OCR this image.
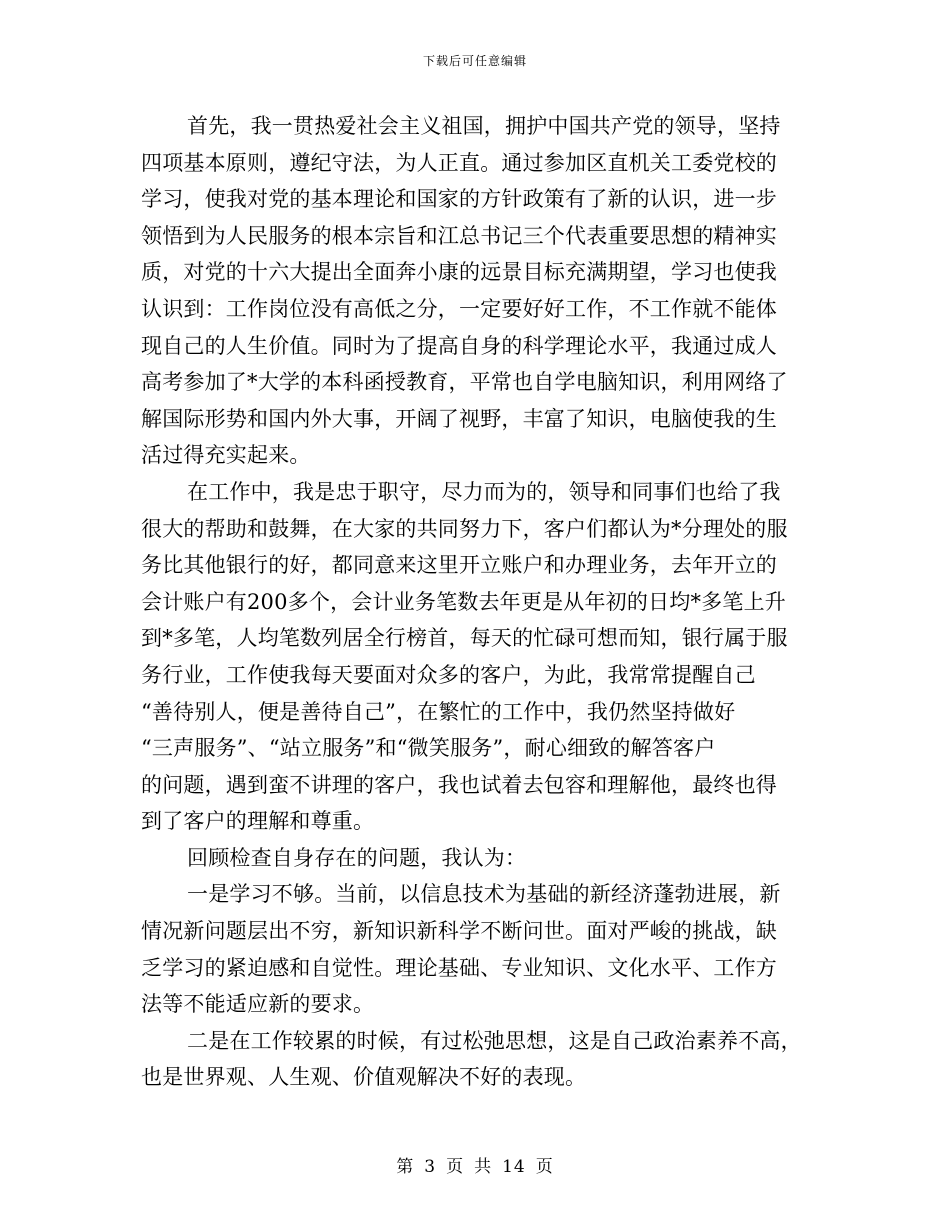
下载后可任意编辑
首先，我一贯热爱社会主义祖国，拥护中国共产党的领导，坚持
四项基本原则，遵纪守法，为人正直。通过参加区直机关工委党校的
学习，使我对党的基本理论和国家的方针政策有了新的认识，进一步
领悟到为人民服务的根本宗旨和江总书记三个代表重要思想的精神实
质，对党的十六大提出全面奔小康的远景目标充满期望，学习也使我
认识到：工作岗位没有高低之分，一定要好好工作，不工作就不能体
现自己的人生价值。同时为了提高自身的科学理论水平，我通过成人
高考参加了*大学的本科函授教育，平常也自学电脑知识，利用网络了
解国际形势和国内外大事，开阔了视野，丰富了知识，电脑使我的生
活过得充实起来。
在工作中，我是忠于职守，尽力而为的，领导和同事们也给了我
很大的帮助和鼓舞，在大家的共同努力下，客户们都认为*分理处的服
务比其他银行的好，都同意来这里开立账户和办理业务，去年开立的
会计账户有200多个，会计业务笔数去年更是从年初的日均*多笔上升
到*多笔，人均笔数列居全行榜首，每天的忙碌可想而知，银行属于服
务行业，工作使我每天要面对众多的客户，为此，我常常提醒自己
“善待别人，便是善待自己”，在繁忙的工作中，我仍然坚持做好
“三声服务”、“站立服务”和“微笑服务”，耐心细致的解答客户
的问题，遇到蛮不讲理的客户，我也试着去包容和理解他，最终也得
到了客户的理解和尊重。
回顾检查自身存在的问题，我认为：
一是学习不够。当前，以信息技术为基础的新经济蓬勃进展，新
情况新问题层出不穷，新知识新科学不断问世。面对严峻的挑战，缺
乏学习的紧迫感和自觉性。理论基础、专业知识、文化水平、工作方
法等不能适应新的要求。
二是在工作较累的时候，有过松弛思想，这是自己政治素养不高，
也是世界观、人生观、价值观解决不好的表现。
第 3 页 共 14 页
